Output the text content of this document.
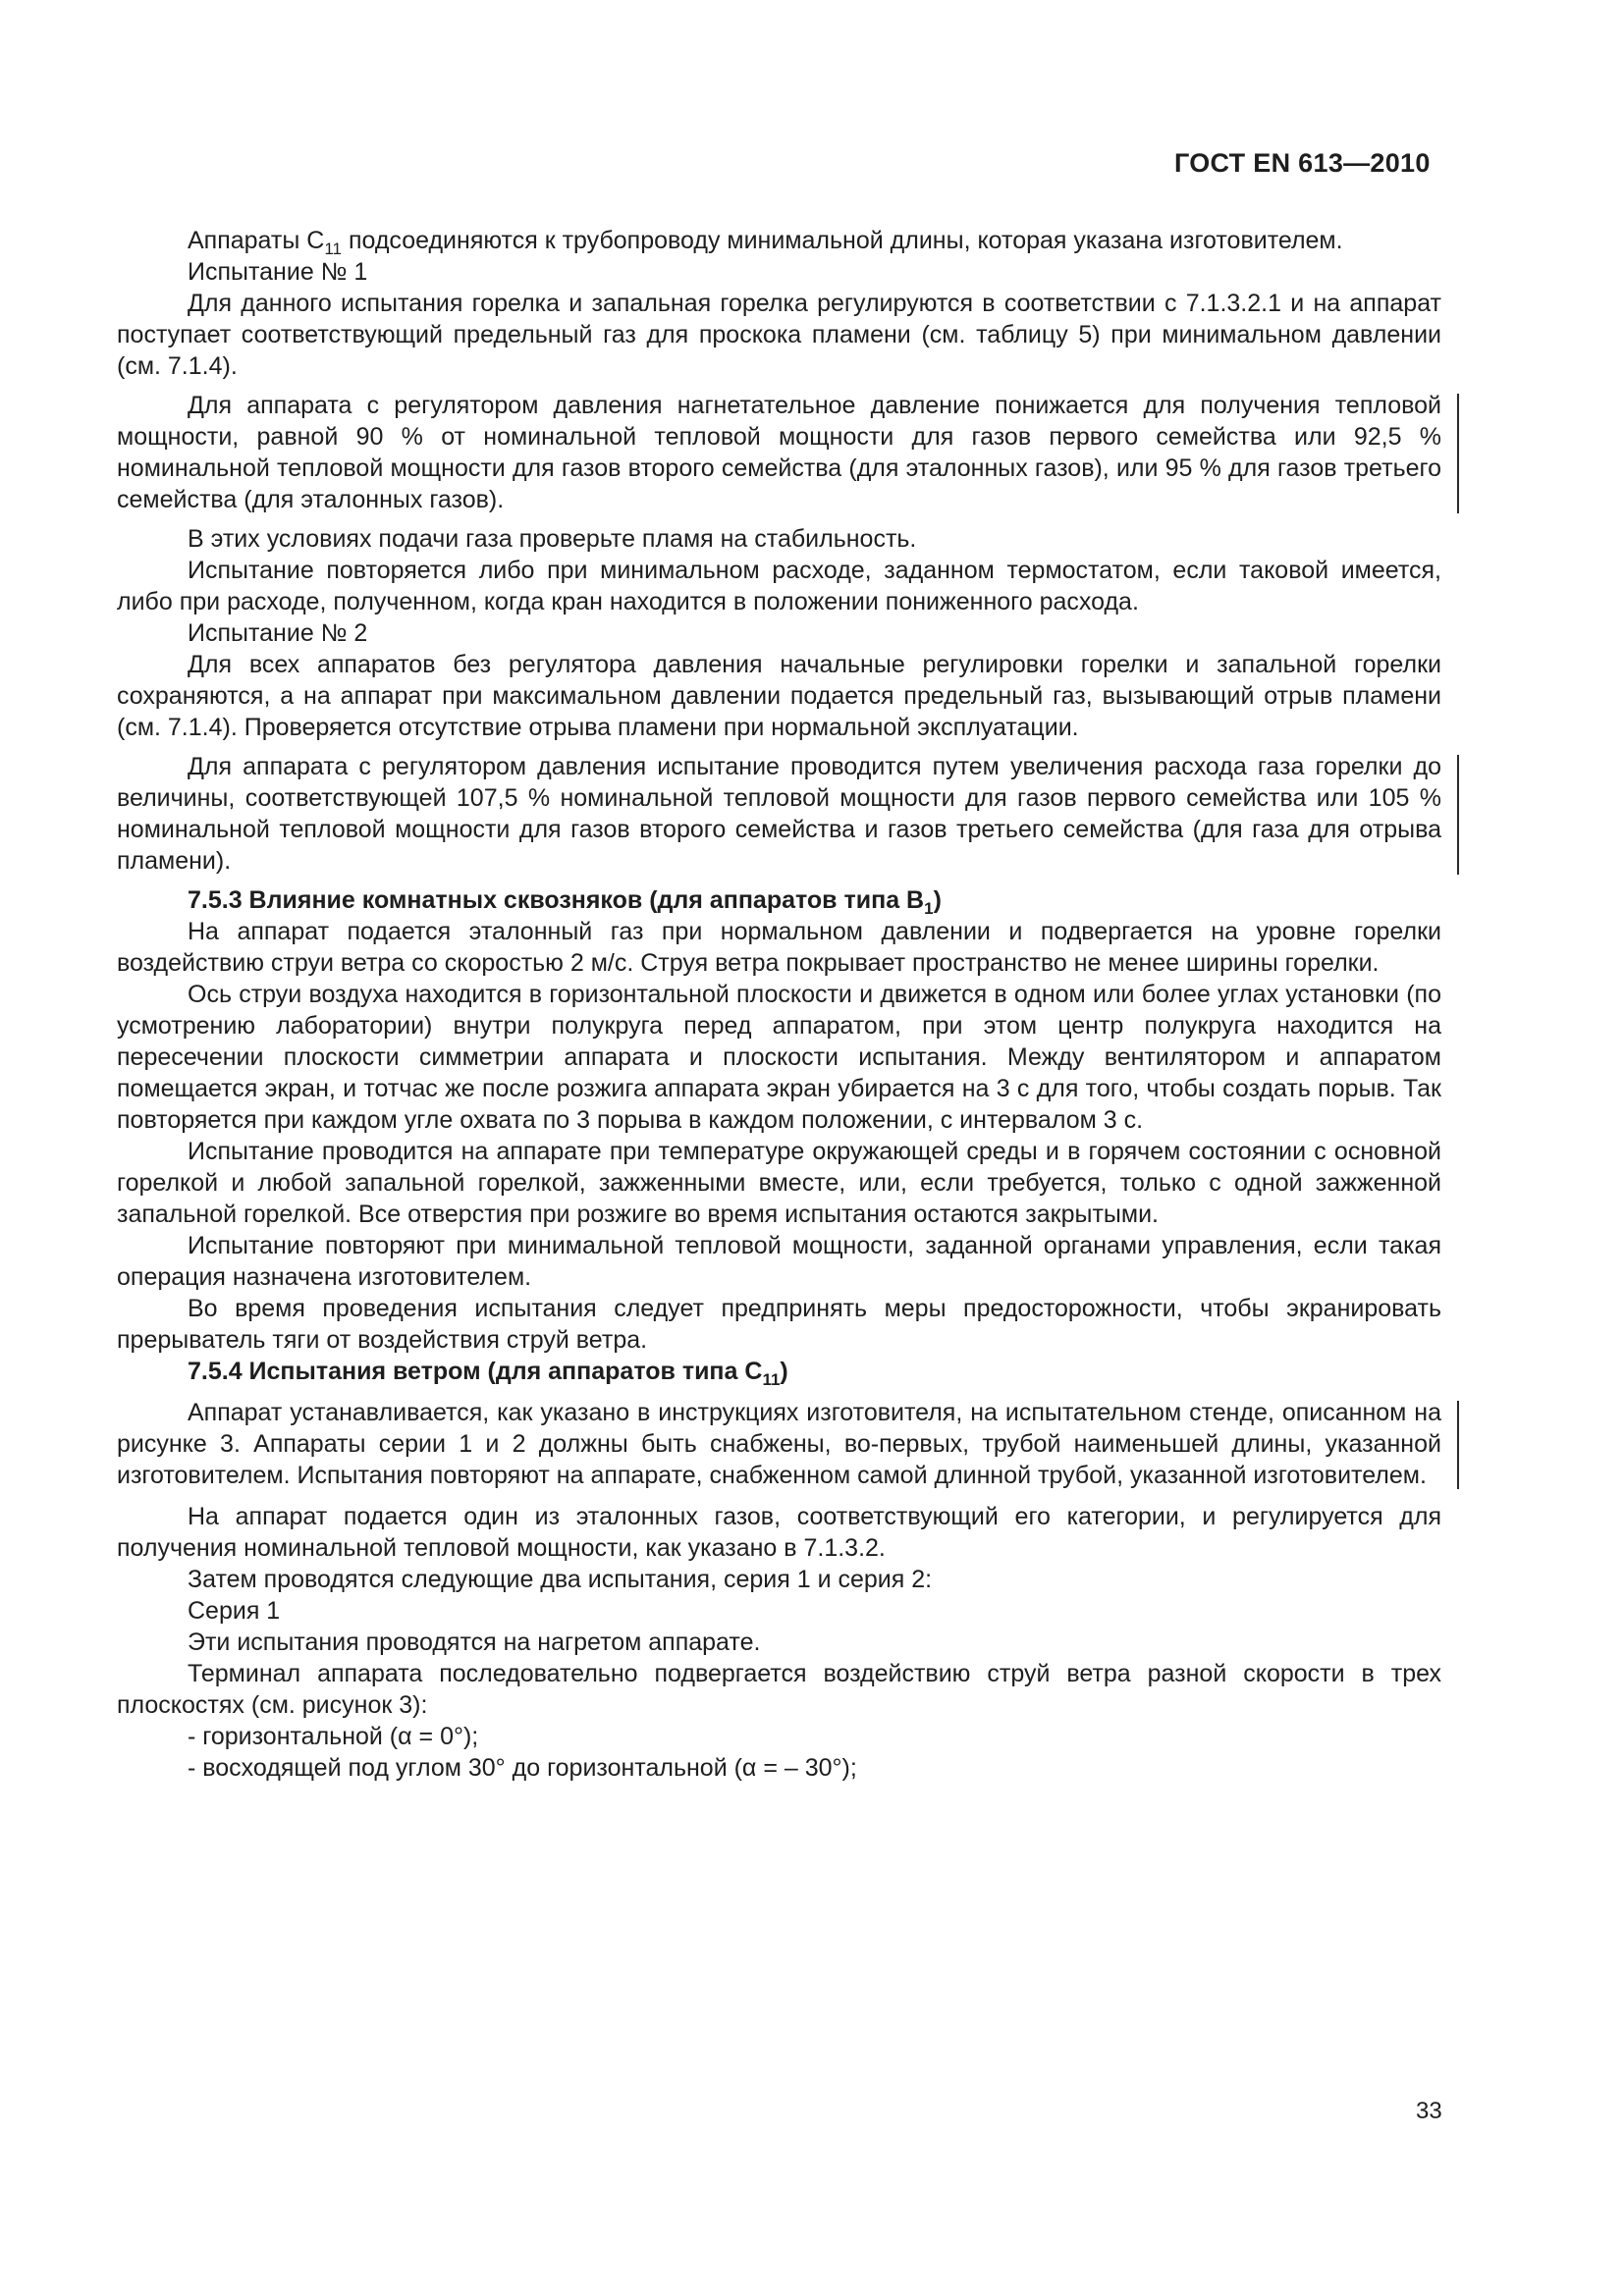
ГОСТ EN 613—2010

Аппараты $С_{11}$ подсоединяются к трубопроводу минимальной длины, которая указана изготовителем.

Испытание № 1

Для данного испытания горелка и запальная горелка регулируются в соответствии с 7.1.3.2.1 и на аппарат поступает соответствующий предельный газ для проскока пламени (см. таблицу 5) при минимальном давлении (см. 7.1.4).

Для аппарата с регулятором давления нагнетательное давление понижается для получения тепловой мощности, равной 90 % от номинальной тепловой мощности для газов первого семейства или 92,5 % номинальной тепловой мощности для газов второго семейства (для эталонных газов), или 95 % для газов третьего семейства (для эталонных газов).

В этих условиях подачи газа проверьте пламя на стабильность.

Испытание повторяется либо при минимальном расходе, заданном термостатом, если таковой имеется, либо при расходе, полученном, когда кран находится в положении пониженного расхода.

Испытание № 2

Для всех аппаратов без регулятора давления начальные регулировки горелки и запальной горелки сохраняются, а на аппарат при максимальном давлении подается предельный газ, вызывающий отрыв пламени (см. 7.1.4). Проверяется отсутствие отрыва пламени при нормальной эксплуатации.

Для аппарата с регулятором давления испытание проводится путем увеличения расхода газа горелки до величины, соответствующей 107,5 % номинальной тепловой мощности для газов первого семейства или 105 % номинальной тепловой мощности для газов второго семейства и газов третьего семейства (для газа для отрыва пламени).

7.5.3 Влияние комнатных сквозняков (для аппаратов типа $В_1$)

На аппарат подается эталонный газ при нормальном давлении и подвергается на уровне горелки воздействию струи ветра со скоростью 2 м/с. Струя ветра покрывает пространство не менее ширины горелки.

Ось струи воздуха находится в горизонтальной плоскости и движется в одном или более углах установки (по усмотрению лаборатории) внутри полукруга перед аппаратом, при этом центр полукруга находится на пересечении плоскости симметрии аппарата и плоскости испытания. Между вентилятором и аппаратом помещается экран, и тотчас же после розжига аппарата экран убирается на 3 с для того, чтобы создать порыв. Так повторяется при каждом угле охвата по 3 порыва в каждом положении, с интервалом 3 с.

Испытание проводится на аппарате при температуре окружающей среды и в горячем состоянии с основной горелкой и любой запальной горелкой, зажженными вместе, или, если требуется, только с одной зажженной запальной горелкой. Все отверстия при розжиге во время испытания остаются закрытыми.

Испытание повторяют при минимальной тепловой мощности, заданной органами управления, если такая операция назначена изготовителем.

Во время проведения испытания следует предпринять меры предосторожности, чтобы экранировать прерыватель тяги от воздействия струй ветра.

7.5.4 Испытания ветром (для аппаратов типа $С_{11}$)

Аппарат устанавливается, как указано в инструкциях изготовителя, на испытательном стенде, описанном на рисунке 3. Аппараты серии 1 и 2 должны быть снабжены, во-первых, трубой наименьшей длины, указанной изготовителем. Испытания повторяют на аппарате, снабженном самой длинной трубой, указанной изготовителем.

На аппарат подается один из эталонных газов, соответствующий его категории, и регулируется для получения номинальной тепловой мощности, как указано в 7.1.3.2.

Затем проводятся следующие два испытания, серия 1 и серия 2:

Серия 1

Эти испытания проводятся на нагретом аппарате.

Терминал аппарата последовательно подвергается воздействию струй ветра разной скорости в трех плоскостях (см. рисунок 3):

- горизонтальной (α = 0°);

- восходящей под углом 30° до горизонтальной (α = – 30°);

33
